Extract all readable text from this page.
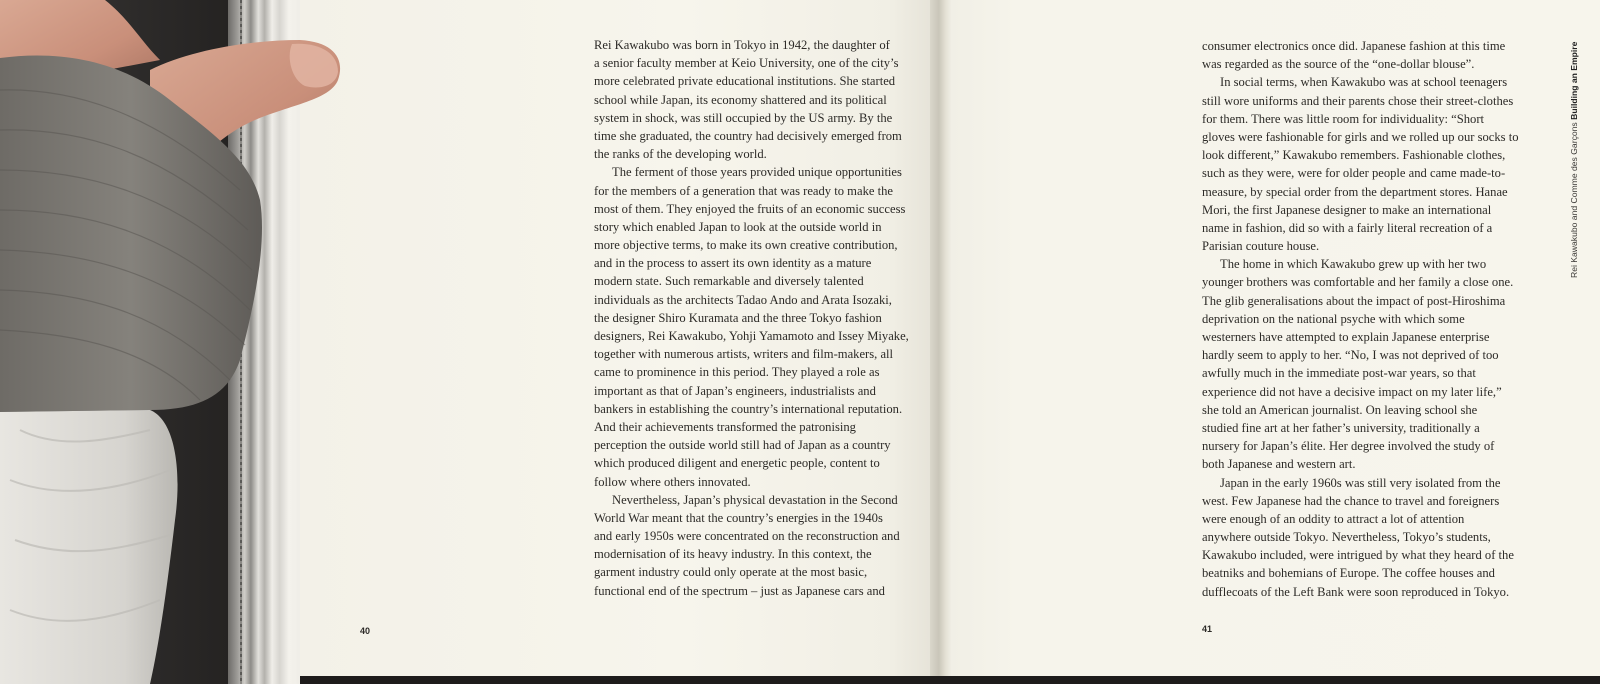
Rei Kawakubo was born in Tokyo in 1942, the daughter of
a senior faculty member at Keio University, one of the city’s
more celebrated private educational institutions. She started
school while Japan, its economy shattered and its political
system in shock, was still occupied by the US army. By the
time she graduated, the country had decisively emerged from
the ranks of the developing world.
The ferment of those years provided unique opportunities
for the members of a generation that was ready to make the
most of them. They enjoyed the fruits of an economic success
story which enabled Japan to look at the outside world in
more objective terms, to make its own creative contribution,
and in the process to assert its own identity as a mature
modern state. Such remarkable and diversely talented
individuals as the architects Tadao Ando and Arata Isozaki,
the designer Shiro Kuramata and the three Tokyo fashion
designers, Rei Kawakubo, Yohji Yamamoto and Issey Miyake,
together with numerous artists, writers and film-makers, all
came to prominence in this period. They played a role as
important as that of Japan’s engineers, industrialists and
bankers in establishing the country’s international reputation.
And their achievements transformed the patronising
perception the outside world still had of Japan as a country
which produced diligent and energetic people, content to
follow where others innovated.
Nevertheless, Japan’s physical devastation in the Second
World War meant that the country’s energies in the 1940s
and early 1950s were concentrated on the reconstruction and
modernisation of its heavy industry. In this context, the
garment industry could only operate at the most basic,
functional end of the spectrum – just as Japanese cars and
40
consumer electronics once did. Japanese fashion at this time
was regarded as the source of the “one-dollar blouse”.
In social terms, when Kawakubo was at school teenagers
still wore uniforms and their parents chose their street-clothes
for them. There was little room for individuality: “Short
gloves were fashionable for girls and we rolled up our socks to
look different,” Kawakubo remembers. Fashionable clothes,
such as they were, were for older people and came made-to-
measure, by special order from the department stores. Hanae
Mori, the first Japanese designer to make an international
name in fashion, did so with a fairly literal recreation of a
Parisian couture house.
The home in which Kawakubo grew up with her two
younger brothers was comfortable and her family a close one.
The glib generalisations about the impact of post-Hiroshima
deprivation on the national psyche with which some
westerners have attempted to explain Japanese enterprise
hardly seem to apply to her. “No, I was not deprived of too
awfully much in the immediate post-war years, so that
experience did not have a decisive impact on my later life,”
she told an American journalist. On leaving school she
studied fine art at her father’s university, traditionally a
nursery for Japan’s élite. Her degree involved the study of
both Japanese and western art.
Japan in the early 1960s was still very isolated from the
west. Few Japanese had the chance to travel and foreigners
were enough of an oddity to attract a lot of attention
anywhere outside Tokyo. Nevertheless, Tokyo’s students,
Kawakubo included, were intrigued by what they heard of the
beatniks and bohemians of Europe. The coffee houses and
dufflecoats of the Left Bank were soon reproduced in Tokyo.
41
Rei Kawakubo and Comme des Garçons Building an Empire
